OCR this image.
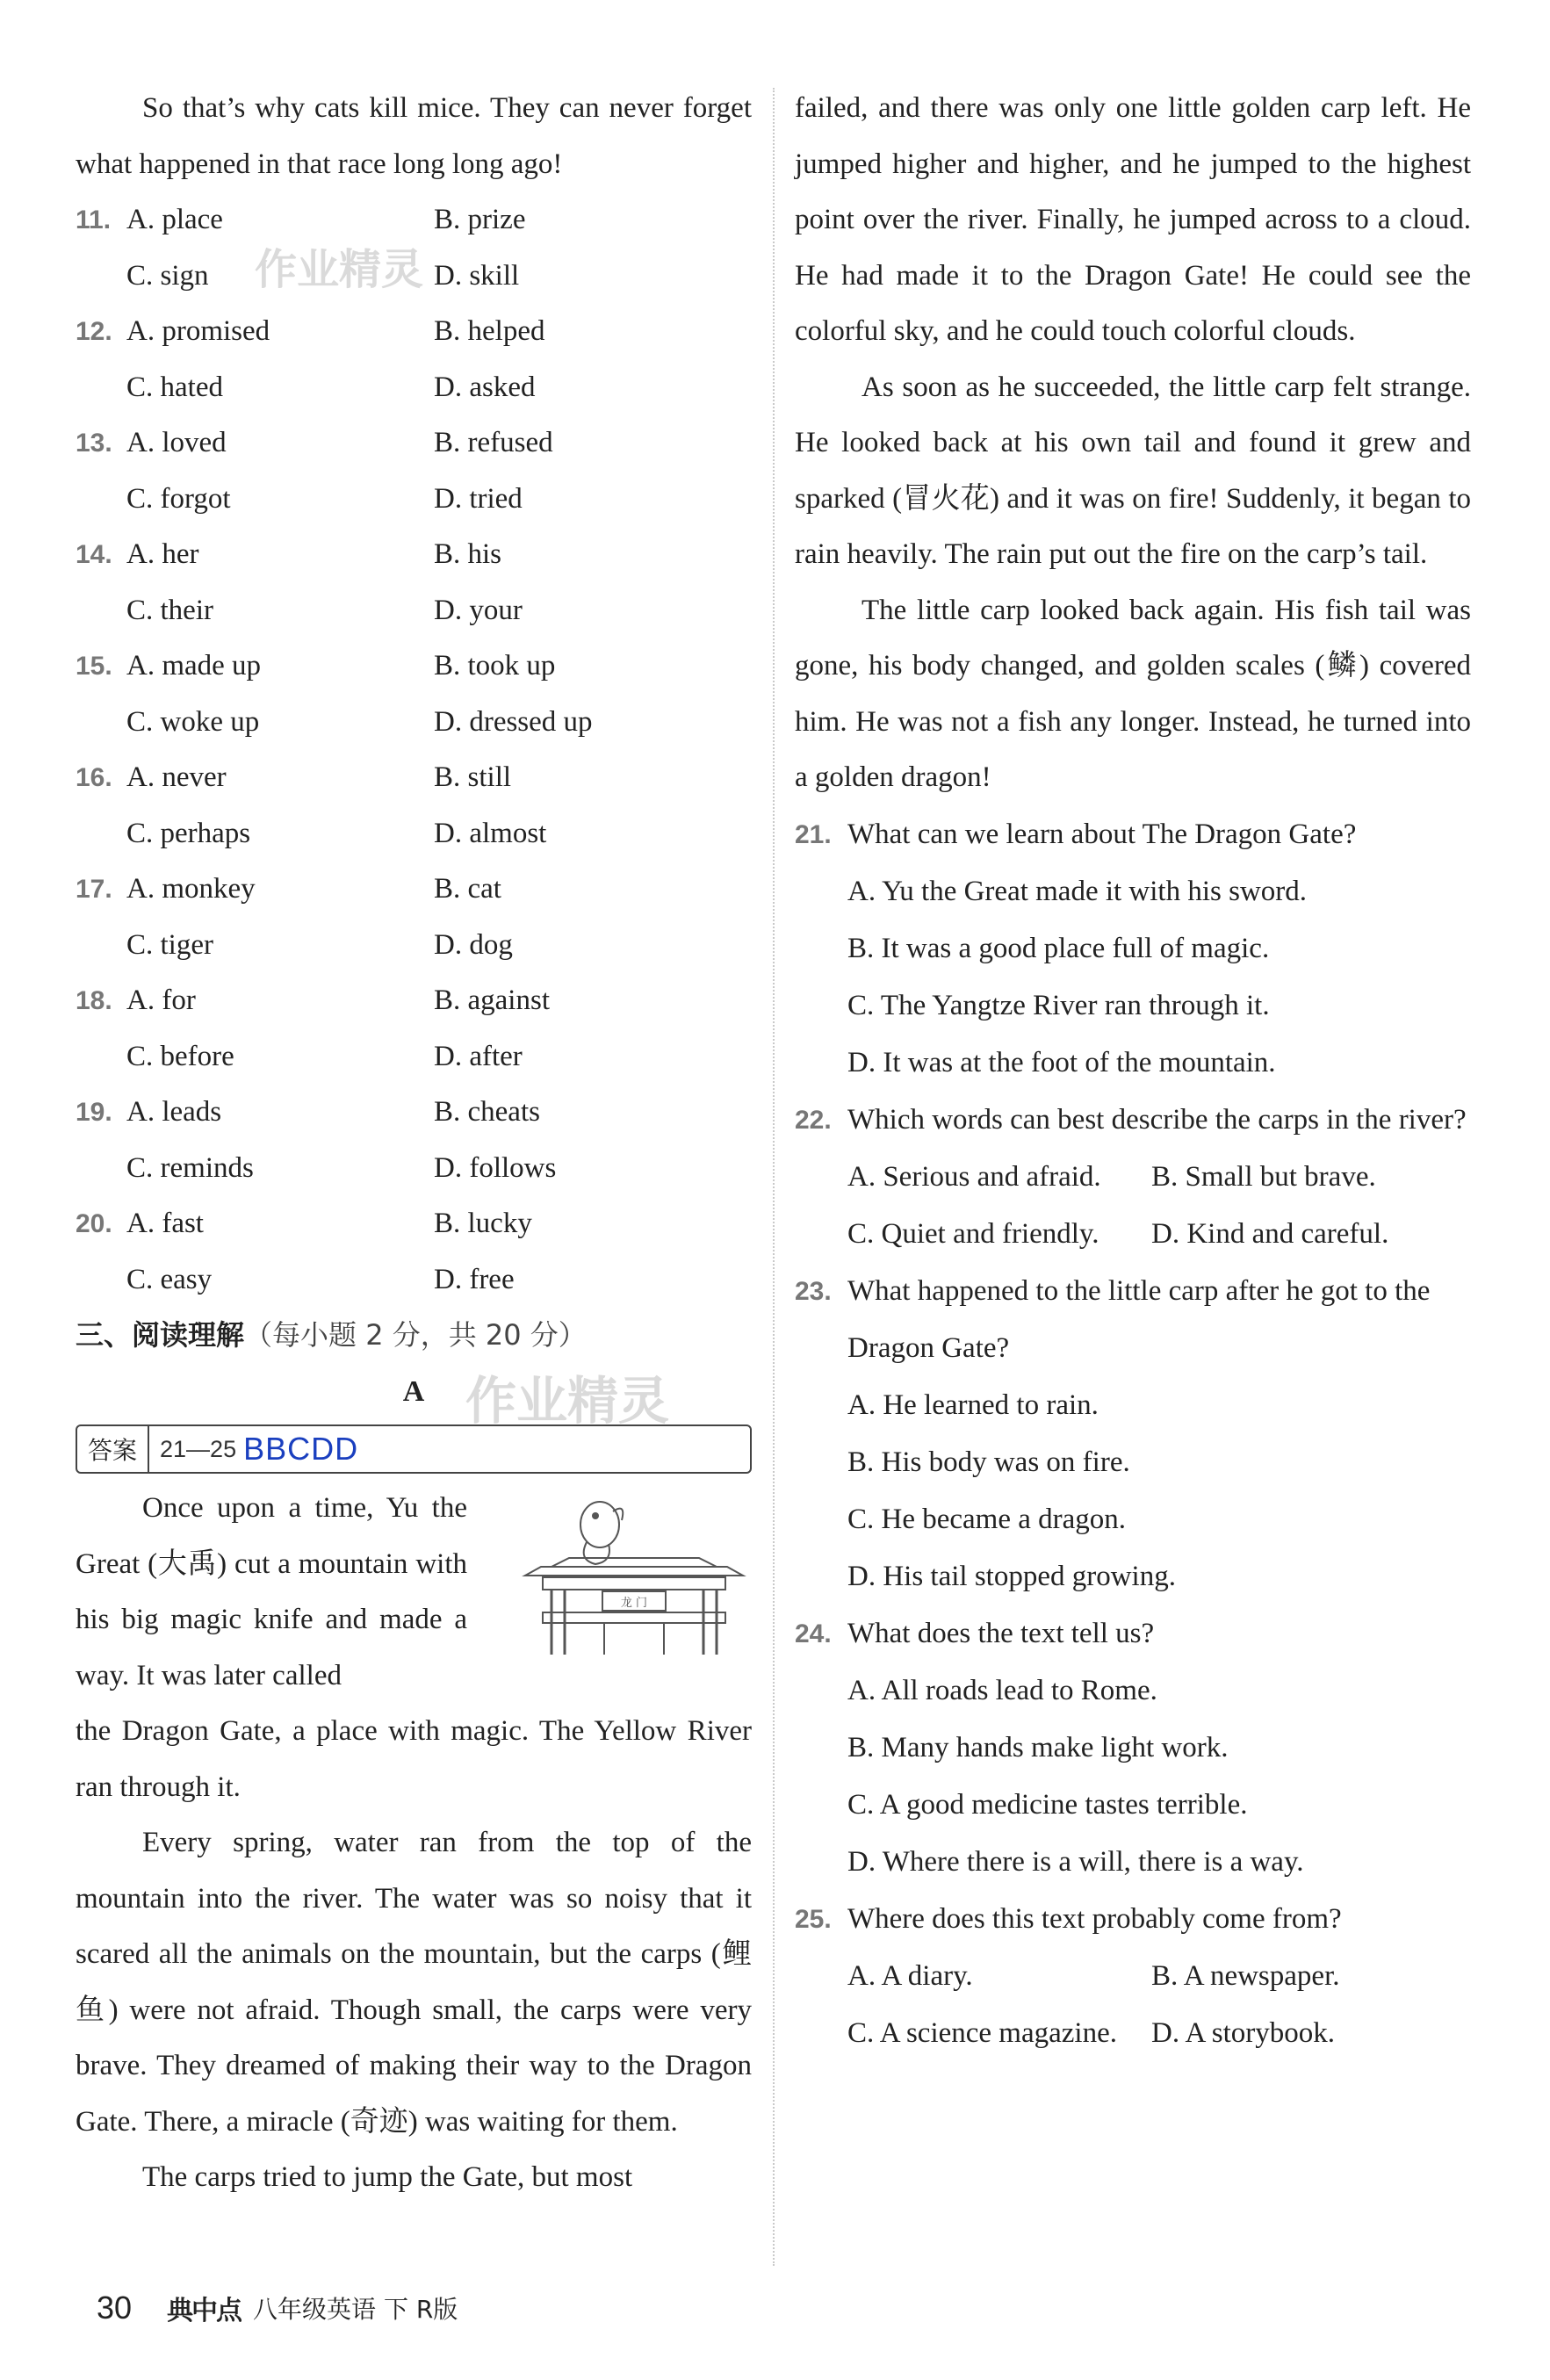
So that’s why cats kill mice. They can never forget what happened in that race long long ago!

11. A. place	B. prize
C. sign	D. skill
12. A. promised	B. helped
C. hated	D. asked
13. A. loved	B. refused
C. forgot	D. tried
14. A. her	B. his
C. their	D. your
15. A. made up	B. took up
C. woke up	D. dressed up
16. A. never	B. still
C. perhaps	D. almost
17. A. monkey	B. cat
C. tiger	D. dog
18. A. for	B. against
C. before	D. after
19. A. leads	B. cheats
C. reminds	D. follows
20. A. fast	B. lucky
C. easy	D. free
三、阅读理解（每小题 2 分，共 20 分）
A
答案 21—25 BBCDD
龙 门

Once upon a time, Yu the Great (大禹) cut a mountain with his big magic knife and made a way. It was later called

the Dragon Gate, a place with magic. The Yellow River ran through it.

Every spring, water ran from the top of the mountain into the river. The water was so noisy that it scared all the animals on the mountain, but the carps (鲤鱼) were not afraid. Though small, the carps were very brave. They dreamed of making their way to the Dragon Gate. There, a miracle (奇迹) was waiting for them.

The carps tried to jump the Gate, but most

failed, and there was only one little golden carp left. He jumped higher and higher, and he jumped to the highest point over the river. Finally, he jumped across to a cloud. He had made it to the Dragon Gate! He could see the colorful sky, and he could touch colorful clouds.

As soon as he succeeded, the little carp felt strange. He looked back at his own tail and found it grew and sparked (冒火花) and it was on fire! Suddenly, it began to rain heavily. The rain put out the fire on the carp’s tail.

The little carp looked back again. His fish tail was gone, his body changed, and golden scales (鳞) covered him. He was not a fish any longer. Instead, he turned into a golden dragon!

21. What can we learn about The Dragon Gate?
A. Yu the Great made it with his sword.
B. It was a good place full of magic.
C. The Yangtze River ran through it.
D. It was at the foot of the mountain.
22. Which words can best describe the carps in the river?
A. Serious and afraid.	B. Small but brave.
C. Quiet and friendly.	D. Kind and careful.
23. What happened to the little carp after he got to the Dragon Gate?
A. He learned to rain.
B. His body was on fire.
C. He became a dragon.
D. His tail stopped growing.
24. What does the text tell us?
A. All roads lead to Rome.
B. Many hands make light work.
C. A good medicine tastes terrible.
D. Where there is a will, there is a way.
25. Where does this text probably come from?
A. A diary.	B. A newspaper.
C. A science magazine.	D. A storybook.
作业精灵
作业精灵
30 典中点 八年级英语 下 R版
